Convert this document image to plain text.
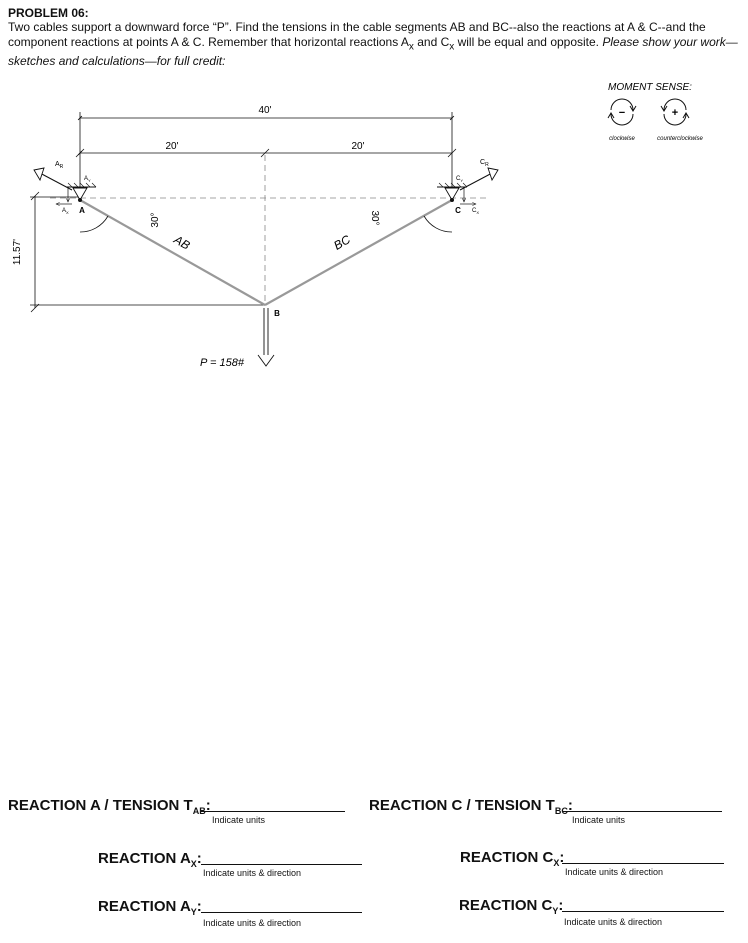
PROBLEM 06:
Two cables support a downward force “P”. Find the tensions in the cable segments AB and BC--also the reactions at A & C--and the component reactions at points A & C. Remember that horizontal reactions $A_x$ and $C_x$ will be equal and opposite. Please show your work—sketches and calculations—for full credit:
MOMENT SENSE:
−	+
clockwise	counterclockwise
40'
20'	20'
11.57'
30°	30°
AB	BC
$A_R$
$A_Y$
$A_X$ A
$C_R$
$C_Y$
$C_X$
C
B
P = 158#
REACTION A / TENSION $T_{AB}$:
Indicate units
REACTION C / TENSION $T_{BC}$:
Indicate units
REACTION $A_X$:
Indicate units & direction
REACTION $C_X$:
Indicate units & direction
REACTION $A_Y$:
Indicate units & direction
REACTION $C_Y$:
Indicate units & direction
